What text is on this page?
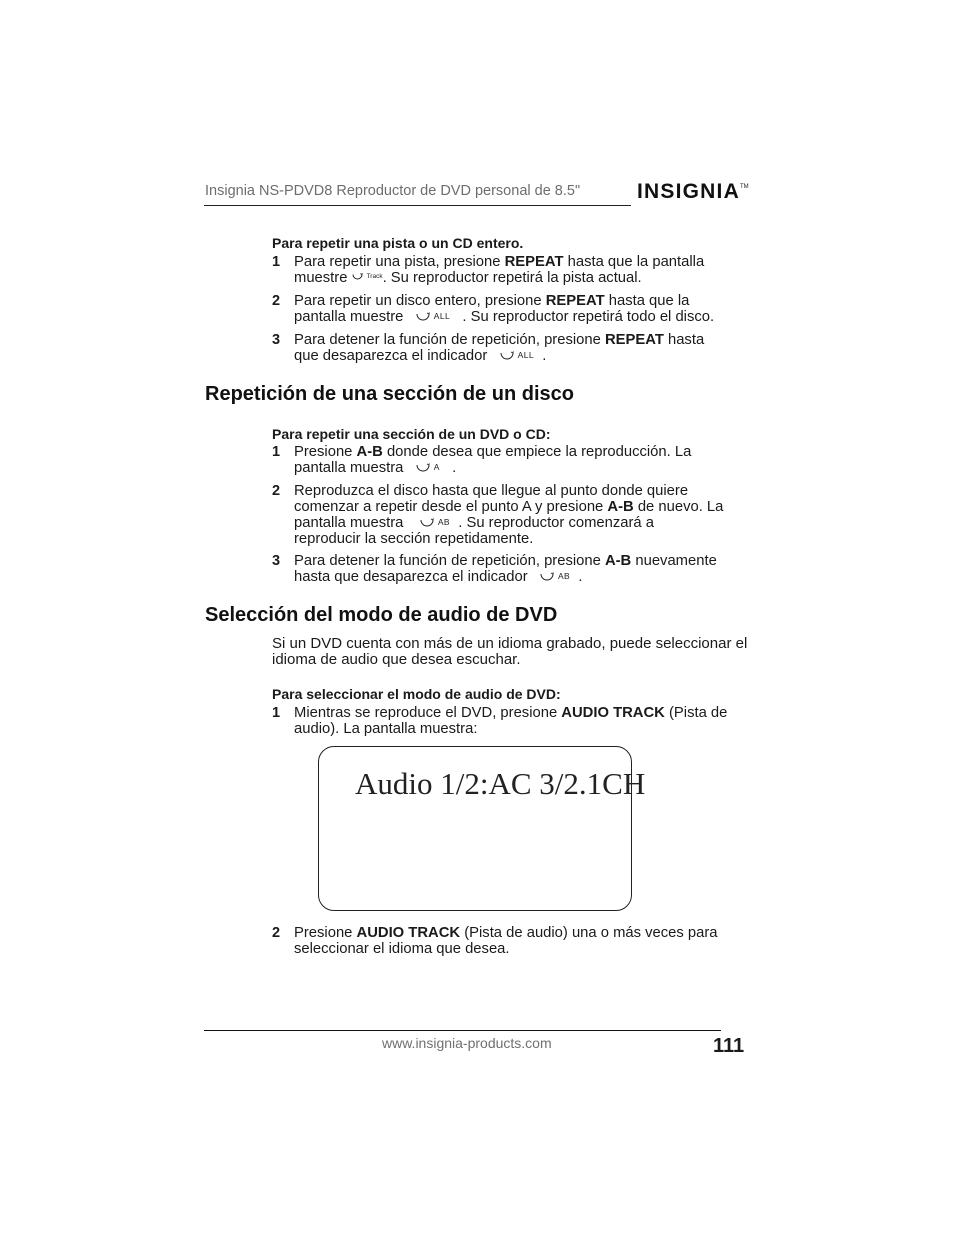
Insignia NS-PDVD8 Reproductor de DVD personal de 8.5"	INSIGNIA™
Para repetir una pista o un CD entero.
1 Para repetir una pista, presione REPEAT hasta que la pantalla
muestre Track . Su reproductor repetirá la pista actual.
2 Para repetir un disco entero, presione REPEAT hasta que la
pantalla muestre	ALL . Su reproductor repetirá todo el disco.
3 Para detener la función de repetición, presione REPEAT hasta
que desaparezca el indicador	ALL .
Repetición de una sección de un disco
Para repetir una sección de un DVD o CD:
1 Presione A-B donde desea que empiece la reproducción. La
pantalla muestra	A .
2 Reproduzca el disco hasta que llegue al punto donde quiere
comenzar a repetir desde el punto A y presione A-B de nuevo. La
pantalla muestra	AB . Su reproductor comenzará a
reproducir la sección repetidamente.
3 Para detener la función de repetición, presione A-B nuevamente
hasta que desaparezca el indicador	AB .
Selección del modo de audio de DVD
Si un DVD cuenta con más de un idioma grabado, puede seleccionar el idioma de audio que desea escuchar.
Para seleccionar el modo de audio de DVD:
1 Mientras se reproduce el DVD, presione AUDIO TRACK (Pista de
audio). La pantalla muestra:
Audio 1/2:AC 3/2.1CH
2 Presione AUDIO TRACK (Pista de audio) una o más veces para
seleccionar el idioma que desea.
www.insignia-products.com	111
